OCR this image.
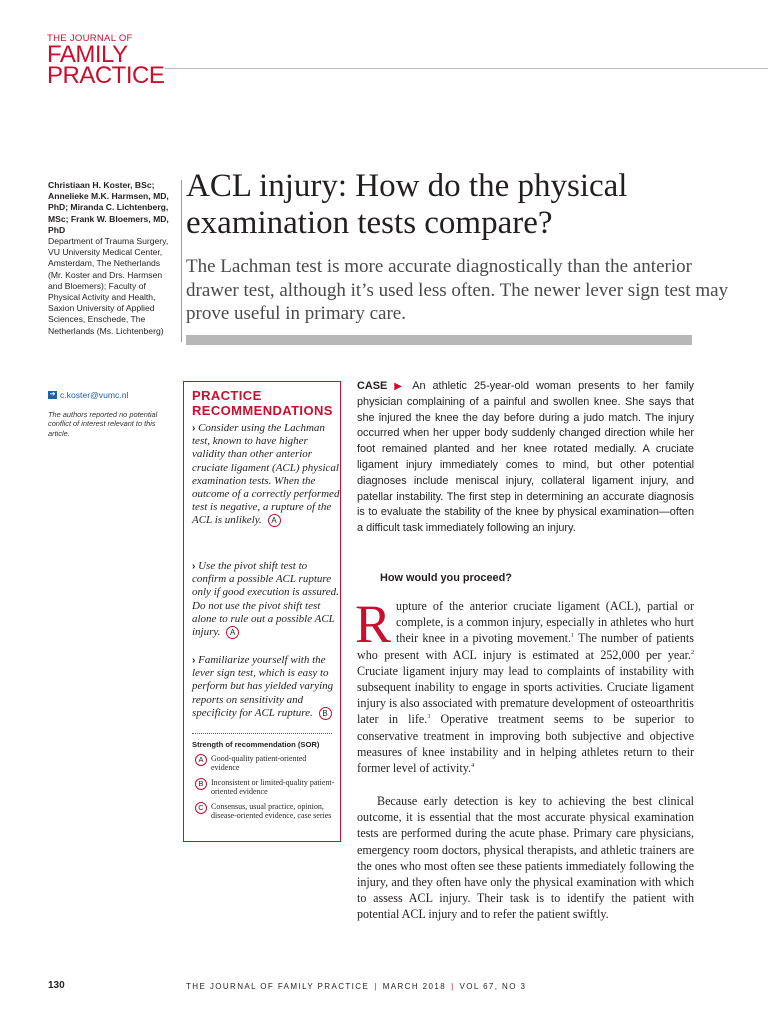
THE JOURNAL OF
FAMILY
PRACTICE
Christiaan H. Koster, BSc; Annelieke M.K. Harmsen, MD, PhD; Miranda C. Lichtenberg, MSc; Frank W. Bloemers, MD, PhD
Department of Trauma Surgery, VU University Medical Center, Amsterdam, The Netherlands (Mr. Koster and Drs. Harmsen and Bloemers); Faculty of Physical Activity and Health, Saxion University of Applied Sciences, Enschede, The Netherlands (Ms. Lichtenberg)
➔ c.koster@vumc.nl
The authors reported no potential conflict of interest relevant to this article.
ACL injury: How do the physical examination tests compare?
The Lachman test is more accurate diagnostically than the anterior drawer test, although it’s used less often. The newer lever sign test may prove useful in primary care.
PRACTICE
RECOMMENDATIONS
› Consider using the Lachman test, known to have higher validity than other anterior cruciate ligament (ACL) physical examination tests. When the outcome of a correctly performed test is negative, a rupture of the ACL is unlikely. A
› Use the pivot shift test to confirm a possible ACL rupture only if good execution is assured. Do not use the pivot shift test alone to rule out a possible ACL injury. A
› Familiarize yourself with the lever sign test, which is easy to perform but has yielded varying reports on sensitivity and specificity for ACL rupture. B
Strength of recommendation (SOR)
A Good-quality patient-oriented evidence
B Inconsistent or limited-quality patient-oriented evidence
C Consensus, usual practice, opinion, disease-oriented evidence, case series
CASE ▶ An athletic 25-year-old woman presents to her family physician complaining of a painful and swollen knee. She says that she injured the knee the day before during a judo match. The injury occurred when her upper body suddenly changed direction while her foot remained planted and her knee rotated medially. A cruciate ligament injury immediately comes to mind, but other potential diagnoses include meniscal injury, collateral ligament injury, and patellar instability. The first step in determining an accurate diagnosis is to evaluate the stability of the knee by physical examination—often a difficult task immediately following an injury.
How would you proceed?
Rupture of the anterior cruciate ligament (ACL), partial or complete, is a common injury, especially in athletes who hurt their knee in a pivoting movement.$^1$ The number of patients who present with ACL injury is estimated at 252,000 per year.$^2$ Cruciate ligament injury may lead to complaints of instability with subsequent inability to engage in sports activities. Cruciate ligament injury is also associated with premature development of osteoarthritis later in life.$^3$ Operative treatment seems to be superior to conservative treatment in improving both subjective and objective measures of knee instability and in helping athletes return to their former level of activity.$^4$
Because early detection is key to achieving the best clinical outcome, it is essential that the most accurate physical examination tests are performed during the acute phase. Primary care physicians, emergency room doctors, physical therapists, and athletic trainers are the ones who most often see these patients immediately following the injury, and they often have only the physical examination with which to assess ACL injury. Their task is to identify the patient with potential ACL injury and to refer the patient swiftly.
130	THE JOURNAL OF FAMILY PRACTICE | MARCH 2018 | VOL 67, NO 3
